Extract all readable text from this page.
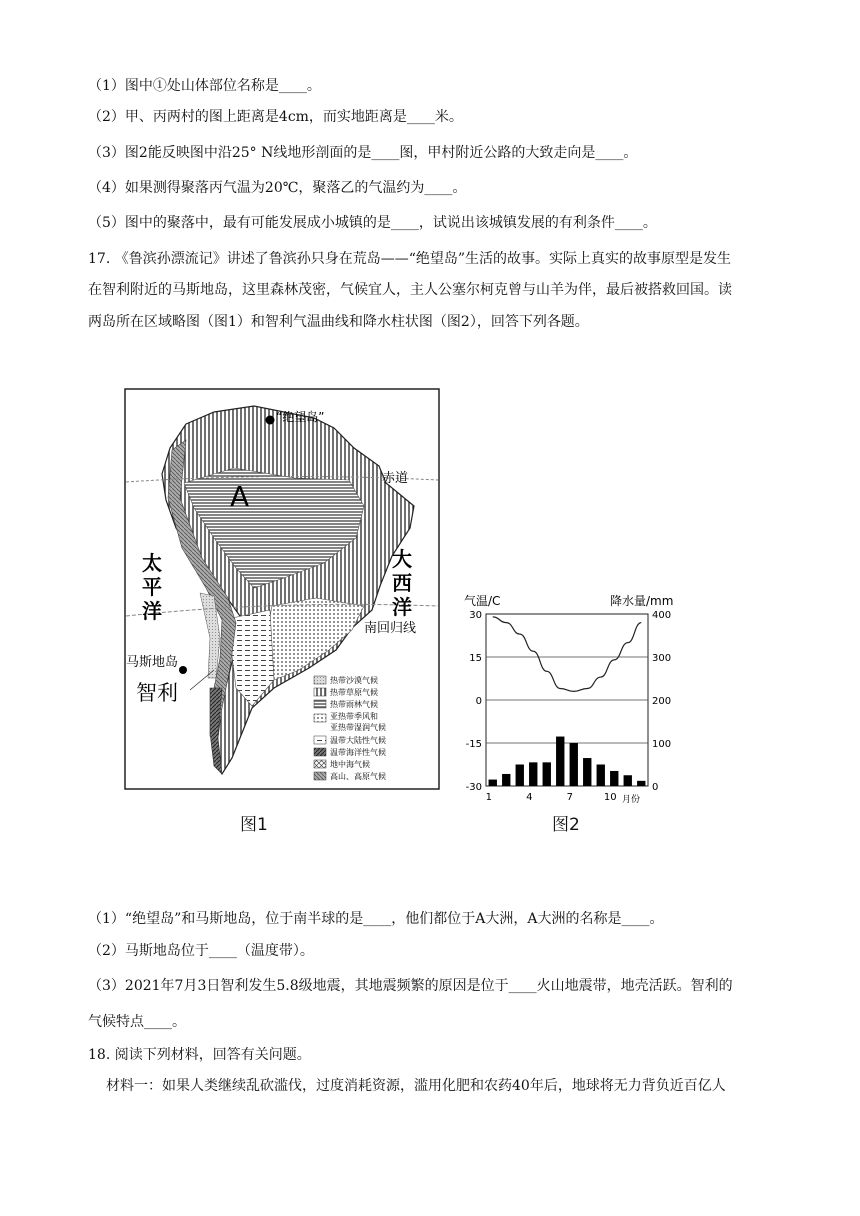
（1）图中①处山体部位名称是____。
（2）甲、丙两村的图上距离是4cm，而实地距离是____米。
（3）图2能反映图中沿25° N线地形剖面的是____图，甲村附近公路的大致走向是____。
（4）如果测得聚落丙气温为20℃，聚落乙的气温约为____。
（5）图中的聚落中，最有可能发展成小城镇的是____，试说出该城镇发展的有利条件____。
17. 《鲁滨孙漂流记》讲述了鲁滨孙只身在荒岛——“绝望岛”生活的故事。实际上真实的故事原型是发生
在智利附近的马斯地岛，这里森林茂密，气候宜人，主人公塞尔柯克曾与山羊为伴，最后被搭救回国。读
两岛所在区域略图（图1）和智利气温曲线和降水柱状图（图2），回答下列各题。
“绝望岛”
赤道
A
太
平
洋
大
西
洋
南回归线
马斯地岛
智利
热带沙漠气候
热带草原气候
热带雨林气候
亚热带季风和
亚热带湿润气候
温带大陆性气候
温带海洋性气候
地中海气候
高山、高原气候
图1
气温/C	降水量/mm
30
15
0
-15
-30
400
300
200
100
0
1	4	7	10 月份
图2
（1）“绝望岛”和马斯地岛，位于南半球的是____，他们都位于A大洲，A大洲的名称是____。
（2）马斯地岛位于____（温度带）。
（3）2021年7月3日智利发生5.8级地震，其地震频繁的原因是位于____火山地震带，地壳活跃。智利的
气候特点____。
18. 阅读下列材料，回答有关问题。
材料一：如果人类继续乱砍滥伐，过度消耗资源，滥用化肥和农药40年后，地球将无力背负近百亿人
